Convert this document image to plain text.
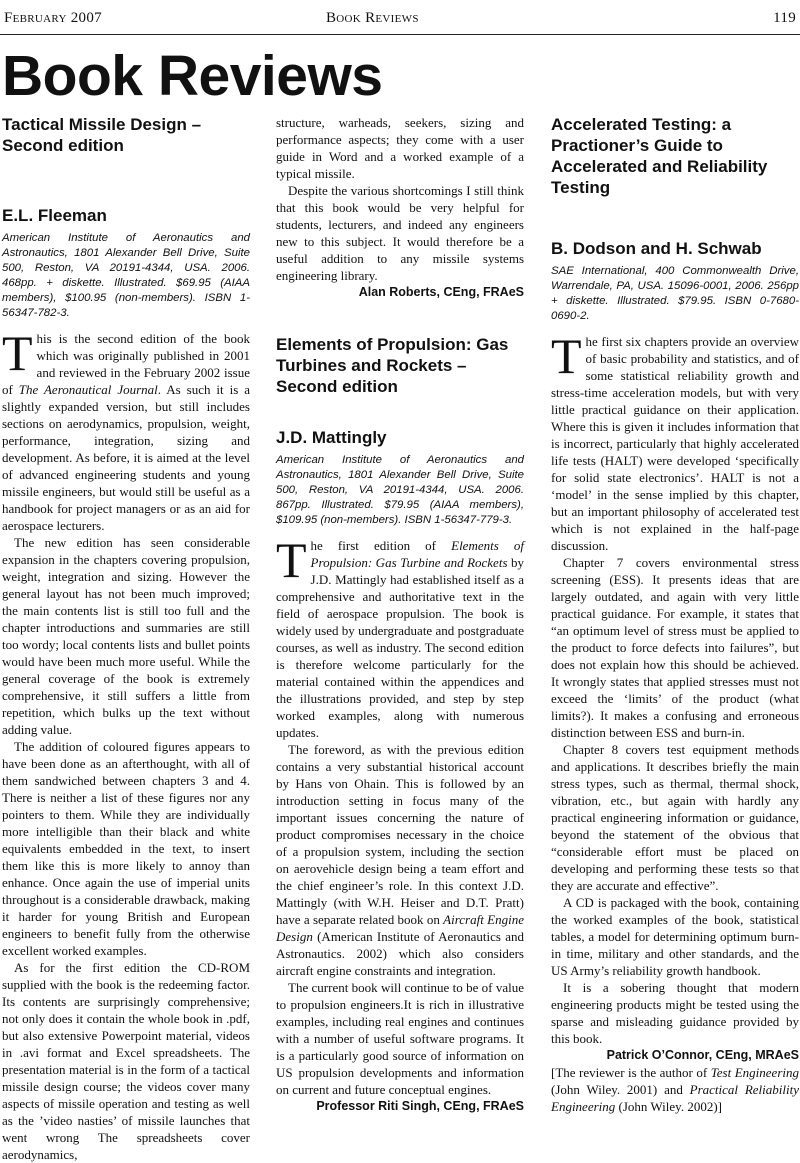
February 2007	Book Reviews	119
Book Reviews
Tactical Missile Design – Second edition
E.L. Fleeman

American Institute of Aeronautics and Astronautics, 1801 Alexander Bell Drive, Suite 500, Reston, VA 20191-4344, USA. 2006. 468pp. + diskette. Illustrated. $69.95 (AIAA members), $100.95 (non-members). ISBN 1-56347-782-3.

This is the second edition of the book which was originally published in 2001 and reviewed in the February 2002 issue of The Aeronautical Journal. As such it is a slightly expanded version, but still includes sections on aerodynamics, propulsion, weight, performance, integration, sizing and development. As before, it is aimed at the level of advanced engineering students and young missile engineers, but would still be useful as a handbook for project managers or as an aid for aerospace lecturers.

The new edition has seen considerable expansion in the chapters covering propulsion, weight, integration and sizing. However the general layout has not been much improved; the main contents list is still too full and the chapter introductions and summaries are still too wordy; local contents lists and bullet points would have been much more useful. While the general coverage of the book is extremely comprehensive, it still suffers a little from repetition, which bulks up the text without adding value.

The addition of coloured figures appears to have been done as an afterthought, with all of them sandwiched between chapters 3 and 4. There is neither a list of these figures nor any pointers to them. While they are individually more intelligible than their black and white equivalents embedded in the text, to insert them like this is more likely to annoy than enhance. Once again the use of imperial units throughout is a considerable drawback, making it harder for young British and European engineers to benefit fully from the otherwise excellent worked examples.

As for the first edition the CD-ROM supplied with the book is the redeeming factor. Its contents are surprisingly comprehensive; not only does it contain the whole book in .pdf, but also extensive Powerpoint material, videos in .avi format and Excel spreadsheets. The presentation material is in the form of a tactical missile design course; the videos cover many aspects of missile operation and testing as well as the ’video nasties’ of missile launches that went wrong The spreadsheets cover aerodynamics,

structure, warheads, seekers, sizing and performance aspects; they come with a user guide in Word and a worked example of a typical missile.

Despite the various shortcomings I still think that this book would be very helpful for students, lecturers, and indeed any engineers new to this subject. It would therefore be a useful addition to any missile systems engineering library.

Alan Roberts, CEng, FRAeS

Elements of Propulsion: Gas Turbines and Rockets – Second edition
J.D. Mattingly

American Institute of Aeronautics and Astronautics, 1801 Alexander Bell Drive, Suite 500, Reston, VA 20191-4344, USA. 2006. 867pp. Illustrated. $79.95 (AIAA members), $109.95 (non-members). ISBN 1-56347-779-3.

The first edition of Elements of Propulsion: Gas Turbine and Rockets by J.D. Mattingly had established itself as a comprehensive and authoritative text in the field of aerospace propulsion. The book is widely used by undergraduate and postgraduate courses, as well as industry. The second edition is therefore welcome particularly for the material contained within the appendices and the illustrations provided, and step by step worked examples, along with numerous updates.

The foreword, as with the previous edition contains a very substantial historical account by Hans von Ohain. This is followed by an introduction setting in focus many of the important issues concerning the nature of product compromises necessary in the choice of a propulsion system, including the section on aerovehicle design being a team effort and the chief engineer’s role. In this context J.D. Mattingly (with W.H. Heiser and D.T. Pratt) have a separate related book on Aircraft Engine Design (American Institute of Aeronautics and Astronautics. 2002) which also considers aircraft engine constraints and integration.

The current book will continue to be of value to propulsion engineers.It is rich in illustrative examples, including real engines and continues with a number of useful software programs. It is a particularly good source of information on US propulsion developments and information on current and future conceptual engines.

Professor Riti Singh, CEng, FRAeS

Accelerated Testing: a Practioner’s Guide to Accelerated and Reliability Testing
B. Dodson and H. Schwab

SAE International, 400 Commonwealth Drive, Warrendale, PA, USA. 15096-0001, 2006. 256pp + diskette. Illustrated. $79.95. ISBN 0-7680-0690-2.

The first six chapters provide an overview of basic probability and statistics, and of some statistical reliability growth and stress-time acceleration models, but with very little practical guidance on their application. Where this is given it includes information that is incorrect, particularly that highly accelerated life tests (HALT) were developed ‘specifically for solid state electronics’. HALT is not a ‘model’ in the sense implied by this chapter, but an important philosophy of accelerated test which is not explained in the half-page discussion.

Chapter 7 covers environmental stress screening (ESS). It presents ideas that are largely outdated, and again with very little practical guidance. For example, it states that “an optimum level of stress must be applied to the product to force defects into failures”, but does not explain how this should be achieved. It wrongly states that applied stresses must not exceed the ‘limits’ of the product (what limits?). It makes a confusing and erroneous distinction between ESS and burn-in.

Chapter 8 covers test equipment methods and applications. It describes briefly the main stress types, such as thermal, thermal shock, vibration, etc., but again with hardly any practical engineering information or guidance, beyond the statement of the obvious that “considerable effort must be placed on developing and performing these tests so that they are accurate and effective”.

A CD is packaged with the book, containing the worked examples of the book, statistical tables, a model for determining optimum burn-in time, military and other standards, and the US Army’s reliability growth handbook.

It is a sobering thought that modern engineering products might be tested using the sparse and misleading guidance provided by this book.

Patrick O’Connor, CEng, MRAeS

[The reviewer is the author of Test Engineering (John Wiley. 2001) and Practical Reliability Engineering (John Wiley. 2002)]
